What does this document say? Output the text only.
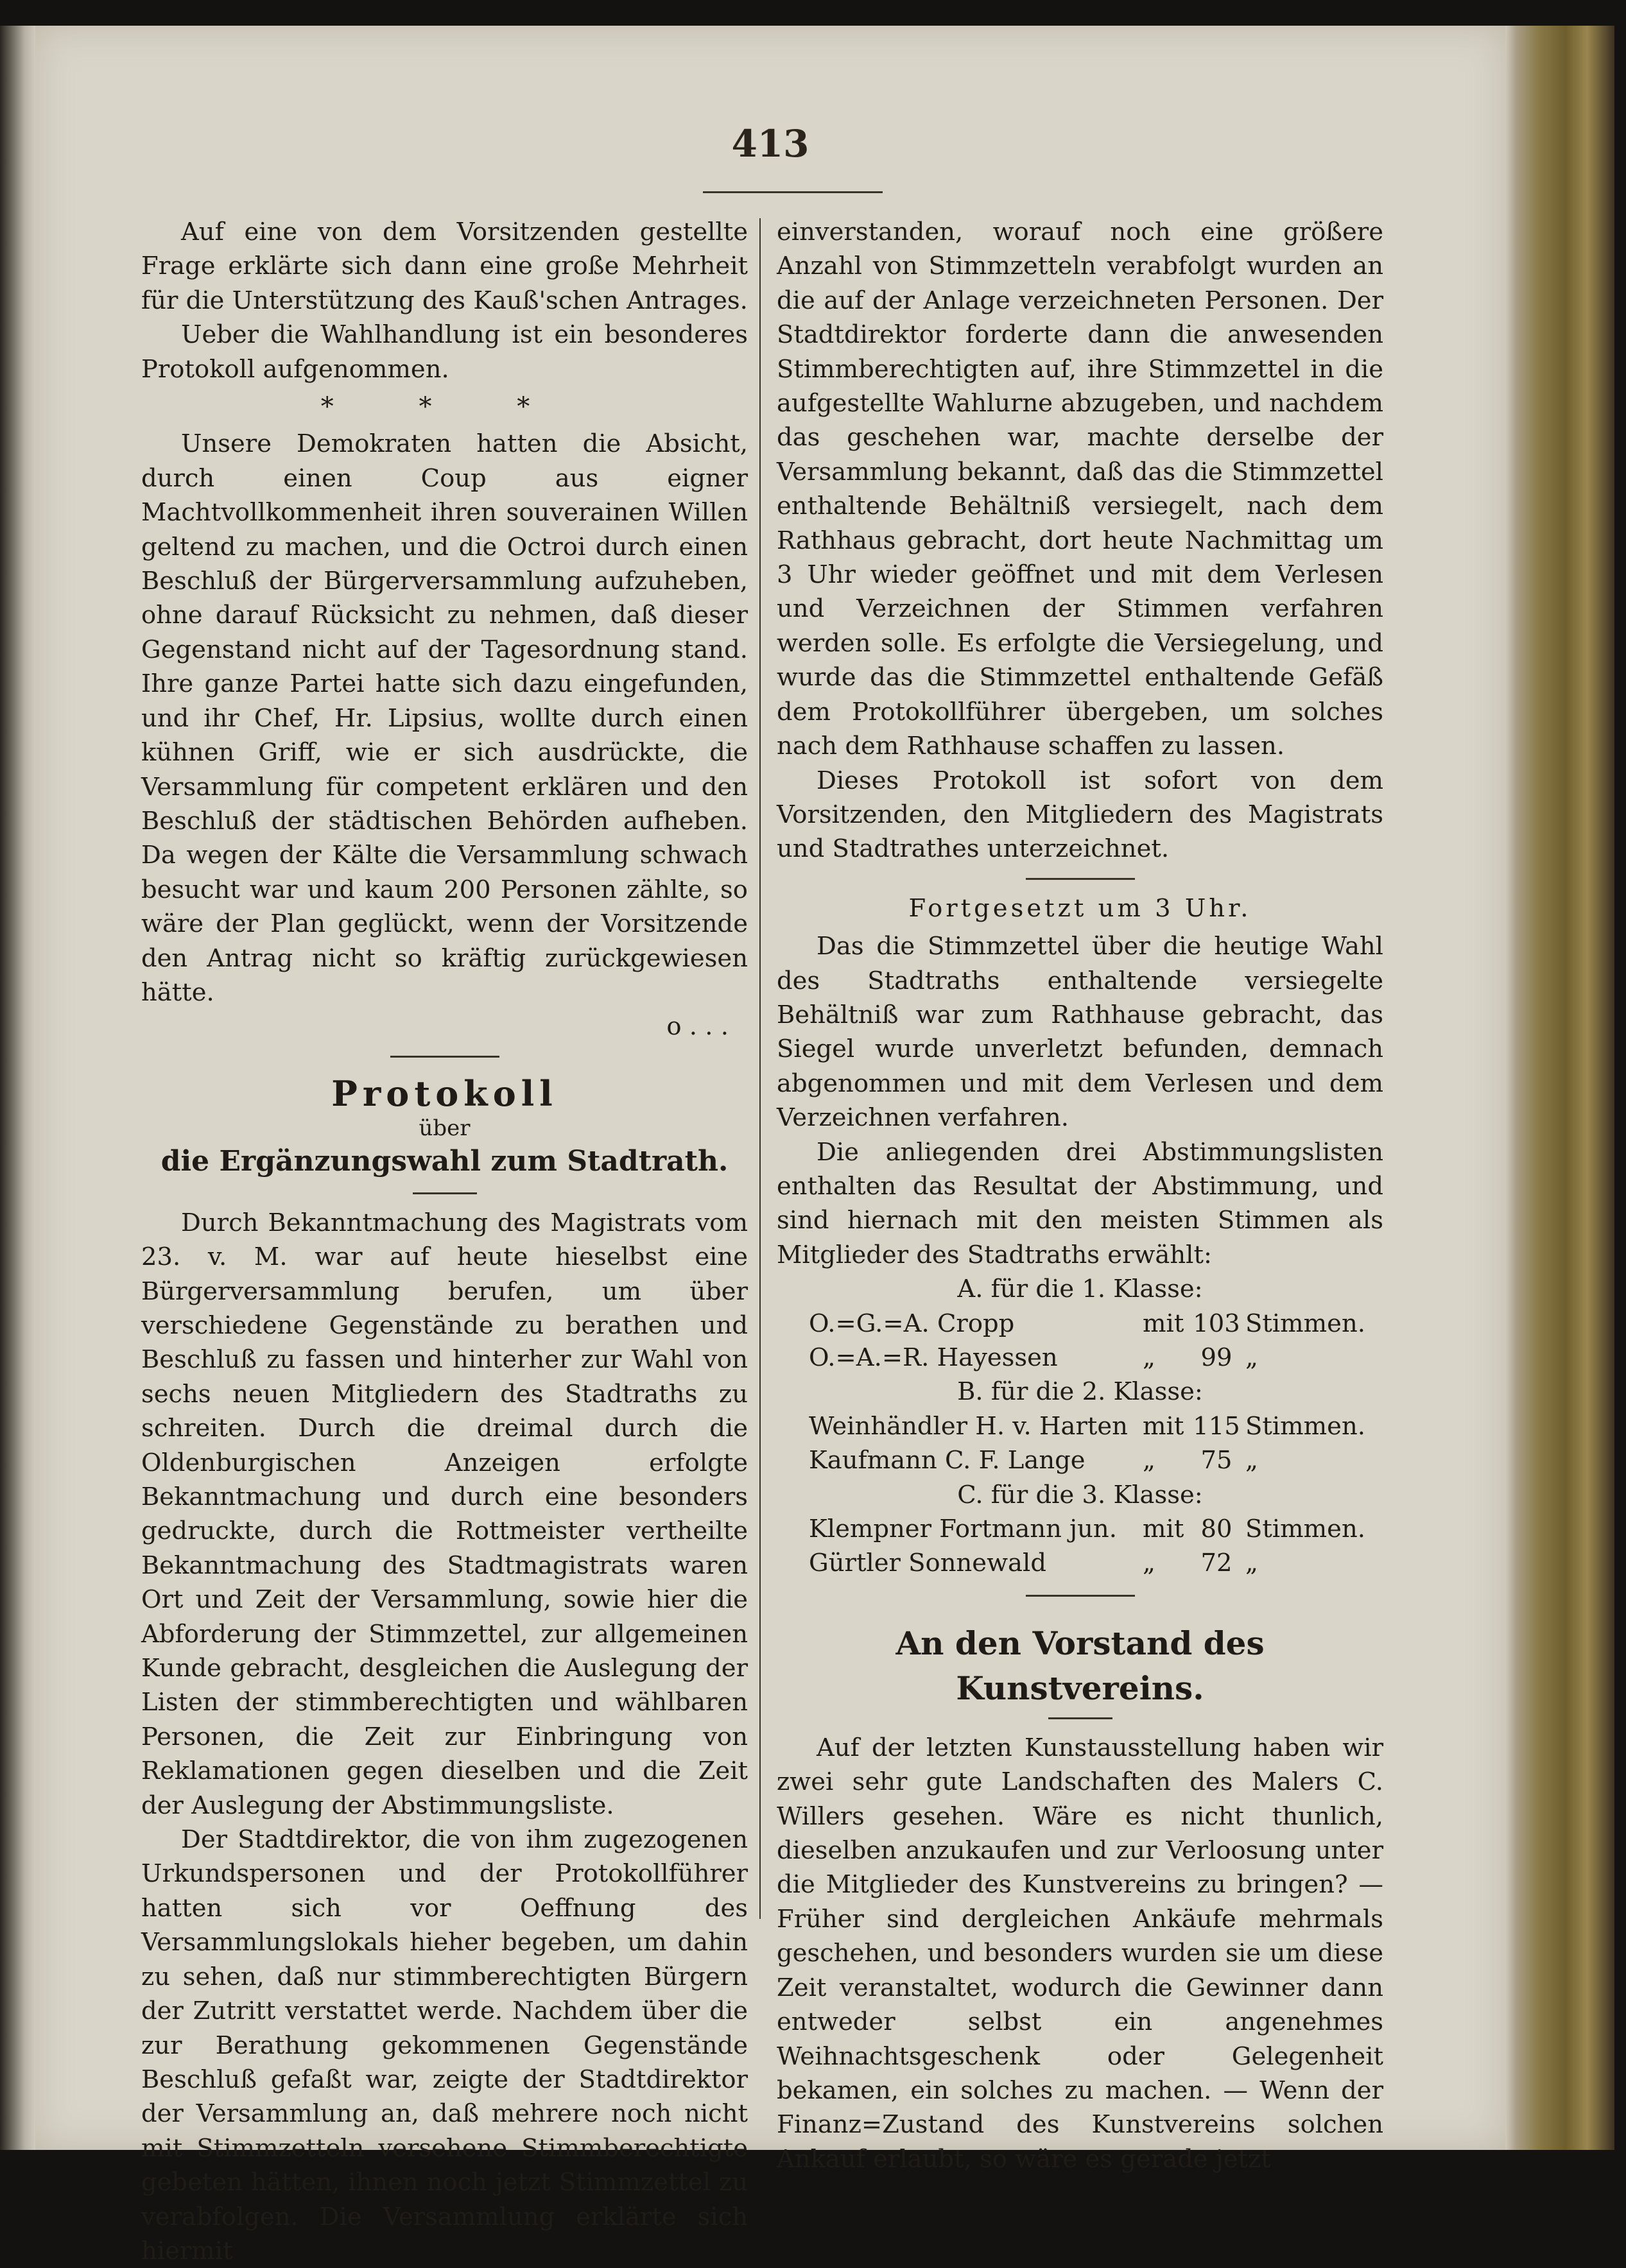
413

Auf eine von dem Vorsitzenden gestellte Frage erklärte sich dann eine große Mehrheit für die Unterstützung des Kauß'schen Antrages.

Ueber die Wahlhandlung ist ein besonderes Protokoll aufgenommen.

* * *

Unsere Demokraten hatten die Absicht, durch einen Coup aus eigner Machtvollkommenheit ihren souverainen Willen geltend zu machen, und die Octroi durch einen Beschluß der Bürgerversammlung aufzuheben, ohne darauf Rücksicht zu nehmen, daß dieser Gegenstand nicht auf der Tagesordnung stand. Ihre ganze Partei hatte sich dazu eingefunden, und ihr Chef, Hr. Lipsius, wollte durch einen kühnen Griff, wie er sich ausdrückte, die Versammlung für competent erklären und den Beschluß der städtischen Behörden aufheben. Da wegen der Kälte die Versammlung schwach besucht war und kaum 200 Personen zählte, so wäre der Plan geglückt, wenn der Vorsitzende den Antrag nicht so kräftig zurückgewiesen hätte.

o . . .
Protokoll
über
die Ergänzungswahl zum Stadtrath.

Durch Bekanntmachung des Magistrats vom 23. v. M. war auf heute hieselbst eine Bürgerversammlung berufen, um über verschiedene Gegenstände zu berathen und Beschluß zu fassen und hinterher zur Wahl von sechs neuen Mitgliedern des Stadtraths zu schreiten. Durch die dreimal durch die Oldenburgischen Anzeigen erfolgte Bekanntmachung und durch eine besonders gedruckte, durch die Rottmeister vertheilte Bekanntmachung des Stadtmagistrats waren Ort und Zeit der Versammlung, sowie hier die Abforderung der Stimmzettel, zur allgemeinen Kunde gebracht, desgleichen die Auslegung der Listen der stimmberechtigten und wählbaren Personen, die Zeit zur Einbringung von Reklamationen gegen dieselben und die Zeit der Auslegung der Abstimmungsliste.

Der Stadtdirektor, die von ihm zugezogenen Urkundspersonen und der Protokollführer hatten sich vor Oeffnung des Versammlungslokals hieher begeben, um dahin zu sehen, daß nur stimmberechtigten Bürgern der Zutritt verstattet werde. Nachdem über die zur Berathung gekommenen Gegenstände Beschluß gefaßt war, zeigte der Stadtdirektor der Versammlung an, daß mehrere noch nicht mit Stimmzetteln versehene Stimmberechtigte gebeten hätten, ihnen noch jetzt Stimmzettel zu verabfolgen. Die Versammlung erklärte sich hiermit

einverstanden, worauf noch eine größere Anzahl von Stimmzetteln verabfolgt wurden an die auf der Anlage verzeichneten Personen. Der Stadtdirektor forderte dann die anwesenden Stimmberechtigten auf, ihre Stimmzettel in die aufgestellte Wahlurne abzugeben, und nachdem das geschehen war, machte derselbe der Versammlung bekannt, daß das die Stimmzettel enthaltende Behältniß versiegelt, nach dem Rathhaus gebracht, dort heute Nachmittag um 3 Uhr wieder geöffnet und mit dem Verlesen und Verzeichnen der Stimmen verfahren werden solle. Es erfolgte die Versiegelung, und wurde das die Stimmzettel enthaltende Gefäß dem Protokollführer übergeben, um solches nach dem Rathhause schaffen zu lassen.

Dieses Protokoll ist sofort von dem Vorsitzenden, den Mitgliedern des Magistrats und Stadtrathes unterzeichnet.

Fortgesetzt um 3 Uhr.

Das die Stimmzettel über die heutige Wahl des Stadtraths enthaltende versiegelte Behältniß war zum Rathhause gebracht, das Siegel wurde unverletzt befunden, demnach abgenommen und mit dem Verlesen und dem Verzeichnen verfahren.

Die anliegenden drei Abstimmungslisten enthalten das Resultat der Abstimmung, und sind hiernach mit den meisten Stimmen als Mitglieder des Stadtraths erwählt:

A. für die 1. Klasse:
O.=G.=A. Cropp	mit 103 Stimmen.
O.=A.=R. Hayessen	„	99 „
B. für die 2. Klasse:
Weinhändler H. v. Harten mit 115 Stimmen.
Kaufmann C. F. Lange	„	75 „
C. für die 3. Klasse:
Klempner Fortmann jun.	mit 80 Stimmen.
Gürtler Sonnewald	„	72 „
An den Vorstand des Kunstvereins.

Auf der letzten Kunstausstellung haben wir zwei sehr gute Landschaften des Malers C. Willers gesehen. Wäre es nicht thunlich, dieselben anzukaufen und zur Verloosung unter die Mitglieder des Kunstvereins zu bringen? — Früher sind dergleichen Ankäufe mehrmals geschehen, und besonders wurden sie um diese Zeit veranstaltet, wodurch die Gewinner dann entweder selbst ein angenehmes Weihnachtsgeschenk oder Gelegenheit bekamen, ein solches zu machen. — Wenn der Finanz=Zustand des Kunstvereins solchen Ankauf erlaubt, so wäre es gerade jetzt
